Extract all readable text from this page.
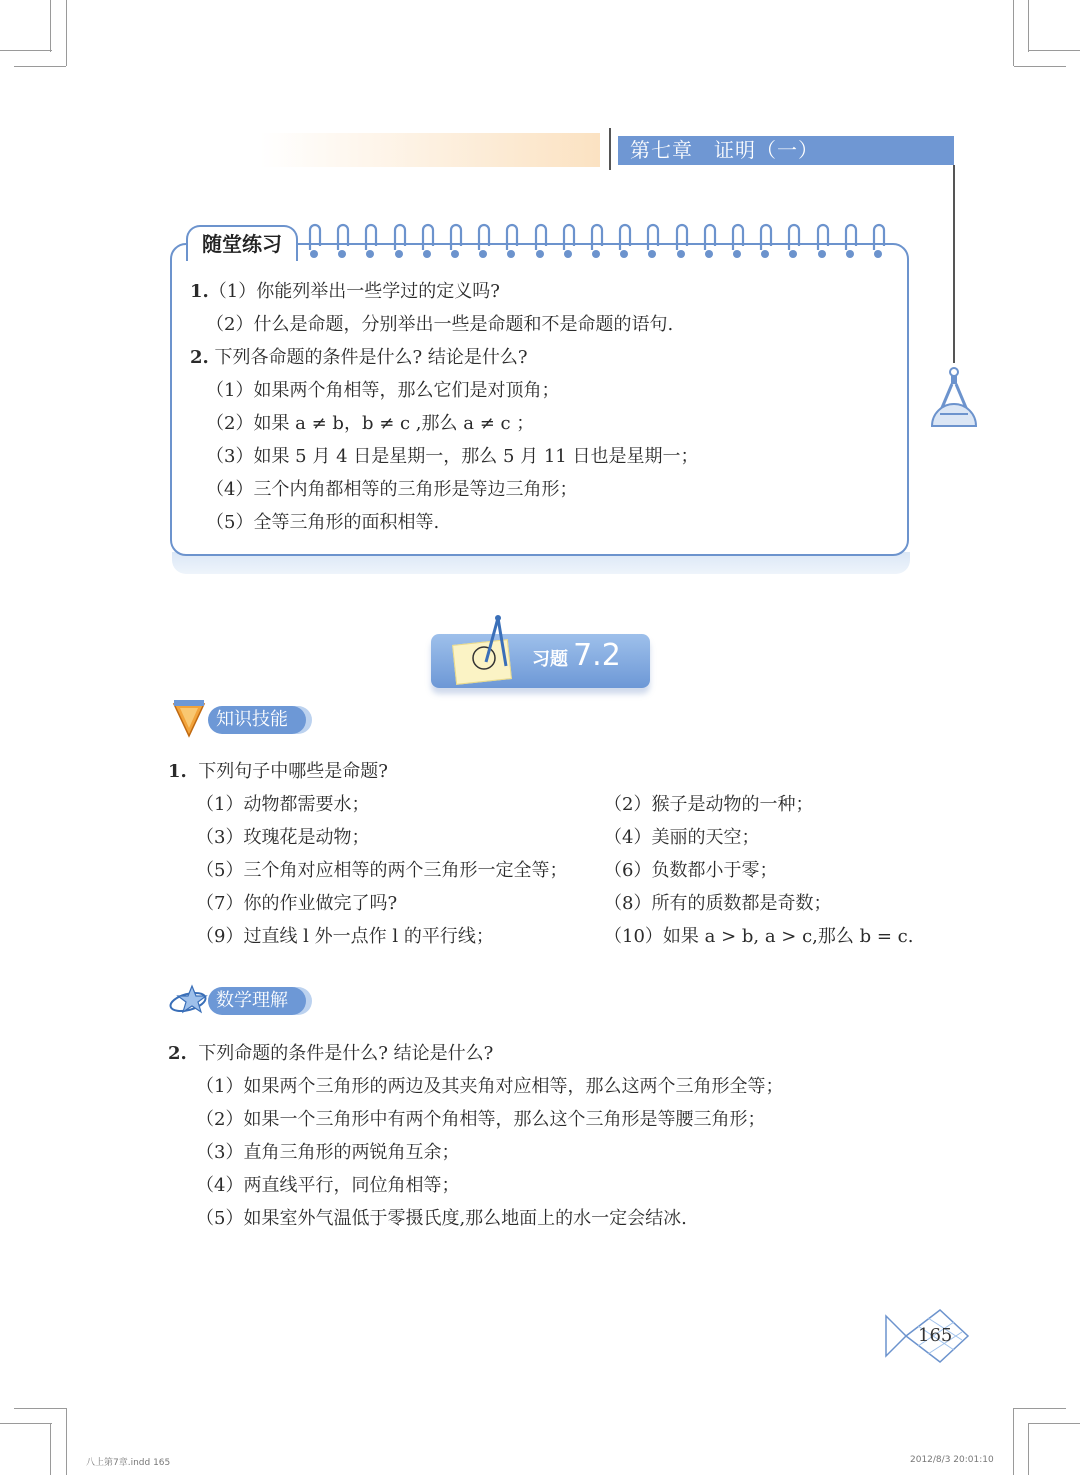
第七章　证明（一）
随堂练习
1.（1）你能列举出一些学过的定义吗?
（2）什么是命题，分别举出一些是命题和不是命题的语句.
2. 下列各命题的条件是什么? 结论是什么?
（1）如果两个角相等，那么它们是对顶角；
（2）如果 a ≠ b，b ≠ c ,那么 a ≠ c ；
（3）如果 5 月 4 日是星期一，那么 5 月 11 日也是星期一；
（4）三个内角都相等的三角形是等边三角形；
（5）全等三角形的面积相等.
习题 7.2
知识技能
1. 下列句子中哪些是命题?
（1）动物都需要水；
（3）玫瑰花是动物；
（5）三个角对应相等的两个三角形一定全等；
（7）你的作业做完了吗?
（9）过直线 l 外一点作 l 的平行线；
（2）猴子是动物的一种；
（4）美丽的天空；
（6）负数都小于零；
（8）所有的质数都是奇数；
（10）如果 a > b, a > c,那么 b = c.
数学理解
2. 下列命题的条件是什么? 结论是什么?
（1）如果两个三角形的两边及其夹角对应相等，那么这两个三角形全等；
（2）如果一个三角形中有两个角相等，那么这个三角形是等腰三角形；
（3）直角三角形的两锐角互余；
（4）两直线平行，同位角相等；
（5）如果室外气温低于零摄氏度,那么地面上的水一定会结冰.
165
八上第7章.indd 165	2012/8/3 20:01:10
